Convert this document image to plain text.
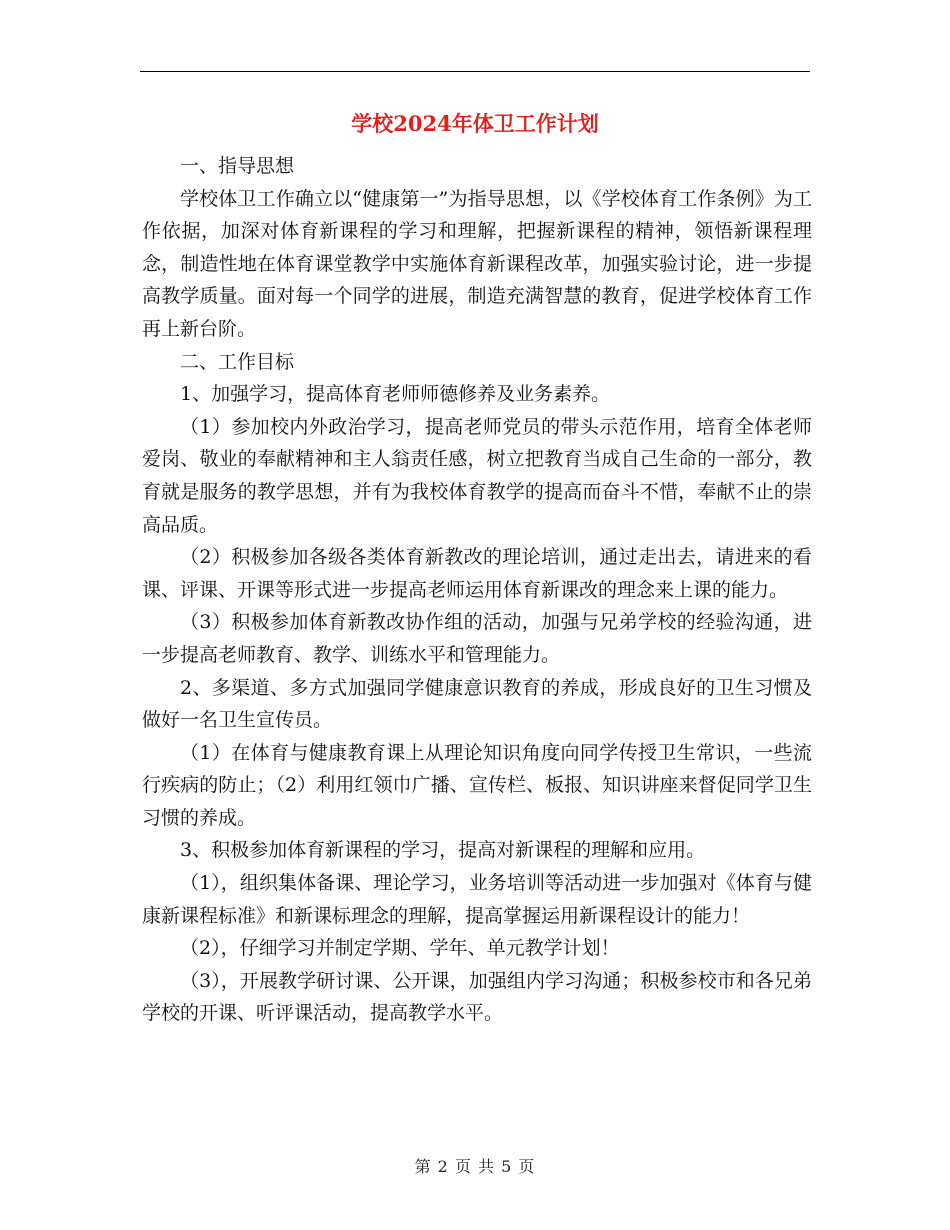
学校2024年体卫工作计划

一、指导思想

学校体卫工作确立以“健康第一”为指导思想，以《学校体育工作条例》为工作依据，加深对体育新课程的学习和理解，把握新课程的精神，领悟新课程理念，制造性地在体育课堂教学中实施体育新课程改革，加强实验讨论，进一步提高教学质量。面对每一个同学的进展，制造充满智慧的教育，促进学校体育工作再上新台阶。

二、工作目标

1、加强学习，提高体育老师师德修养及业务素养。

（1）参加校内外政治学习，提高老师党员的带头示范作用，培育全体老师爱岗、敬业的奉献精神和主人翁责任感，树立把教育当成自己生命的一部分，教育就是服务的教学思想，并有为我校体育教学的提高而奋斗不惜，奉献不止的崇高品质。

（2）积极参加各级各类体育新教改的理论培训，通过走出去，请进来的看课、评课、开课等形式进一步提高老师运用体育新课改的理念来上课的能力。

（3）积极参加体育新教改协作组的活动，加强与兄弟学校的经验沟通，进一步提高老师教育、教学、训练水平和管理能力。

2、多渠道、多方式加强同学健康意识教育的养成，形成良好的卫生习惯及做好一名卫生宣传员。

（1）在体育与健康教育课上从理论知识角度向同学传授卫生常识，一些流行疾病的防止；（2）利用红领巾广播、宣传栏、板报、知识讲座来督促同学卫生习惯的养成。

3、积极参加体育新课程的学习，提高对新课程的理解和应用。

（1），组织集体备课、理论学习，业务培训等活动进一步加强对《体育与健康新课程标准》和新课标理念的理解，提高掌握运用新课程设计的能力！

（2），仔细学习并制定学期、学年、单元教学计划！

（3），开展教学研讨课、公开课，加强组内学习沟通；积极参校市和各兄弟学校的开课、听评课活动，提高教学水平。

第 2 页 共 5 页
